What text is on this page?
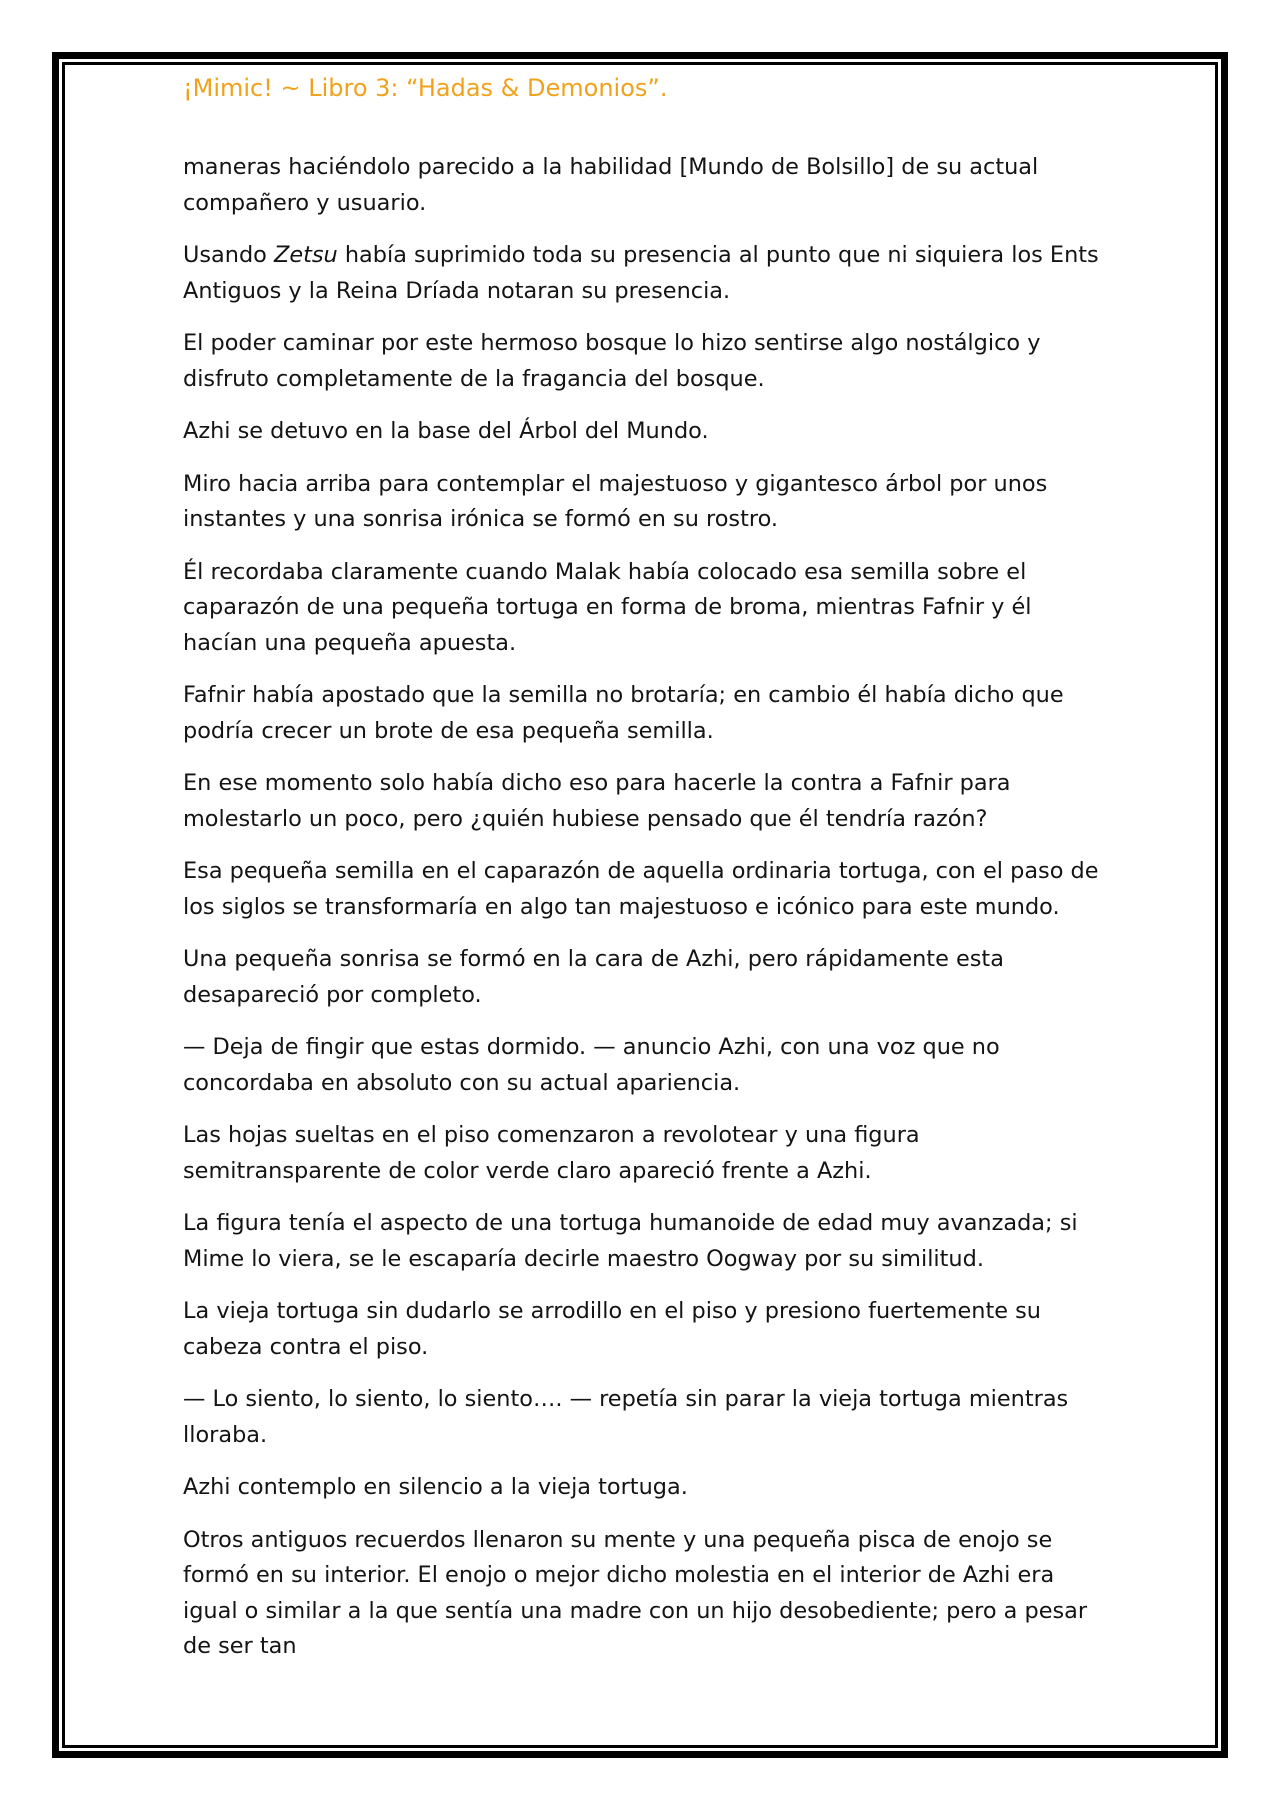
¡Mimic! ~ Libro 3: “Hadas & Demonios”.

maneras haciéndolo parecido a la habilidad [Mundo de Bolsillo] de su actual compañero y usuario.

Usando Zetsu había suprimido toda su presencia al punto que ni siquiera los Ents Antiguos y la Reina Dríada notaran su presencia.

El poder caminar por este hermoso bosque lo hizo sentirse algo nostálgico y disfruto completamente de la fragancia del bosque.

Azhi se detuvo en la base del Árbol del Mundo.

Miro hacia arriba para contemplar el majestuoso y gigantesco árbol por unos instantes y una sonrisa irónica se formó en su rostro.

Él recordaba claramente cuando Malak había colocado esa semilla sobre el caparazón de una pequeña tortuga en forma de broma, mientras Fafnir y él hacían una pequeña apuesta.

Fafnir había apostado que la semilla no brotaría; en cambio él había dicho que podría crecer un brote de esa pequeña semilla.

En ese momento solo había dicho eso para hacerle la contra a Fafnir para molestarlo un poco, pero ¿quién hubiese pensado que él tendría razón?

Esa pequeña semilla en el caparazón de aquella ordinaria tortuga, con el paso de los siglos se transformaría en algo tan majestuoso e icónico para este mundo.

Una pequeña sonrisa se formó en la cara de Azhi, pero rápidamente esta desapareció por completo.

— Deja de fingir que estas dormido. — anuncio Azhi, con una voz que no concordaba en absoluto con su actual apariencia.

Las hojas sueltas en el piso comenzaron a revolotear y una figura semitransparente de color verde claro apareció frente a Azhi.

La figura tenía el aspecto de una tortuga humanoide de edad muy avanzada; si Mime lo viera, se le escaparía decirle maestro Oogway por su similitud.

La vieja tortuga sin dudarlo se arrodillo en el piso y presiono fuertemente su cabeza contra el piso.

— Lo siento, lo siento, lo siento…. — repetía sin parar la vieja tortuga mientras lloraba.

Azhi contemplo en silencio a la vieja tortuga.

Otros antiguos recuerdos llenaron su mente y una pequeña pisca de enojo se formó en su interior. El enojo o mejor dicho molestia en el interior de Azhi era igual o similar a la que sentía una madre con un hijo desobediente; pero a pesar de ser tan
